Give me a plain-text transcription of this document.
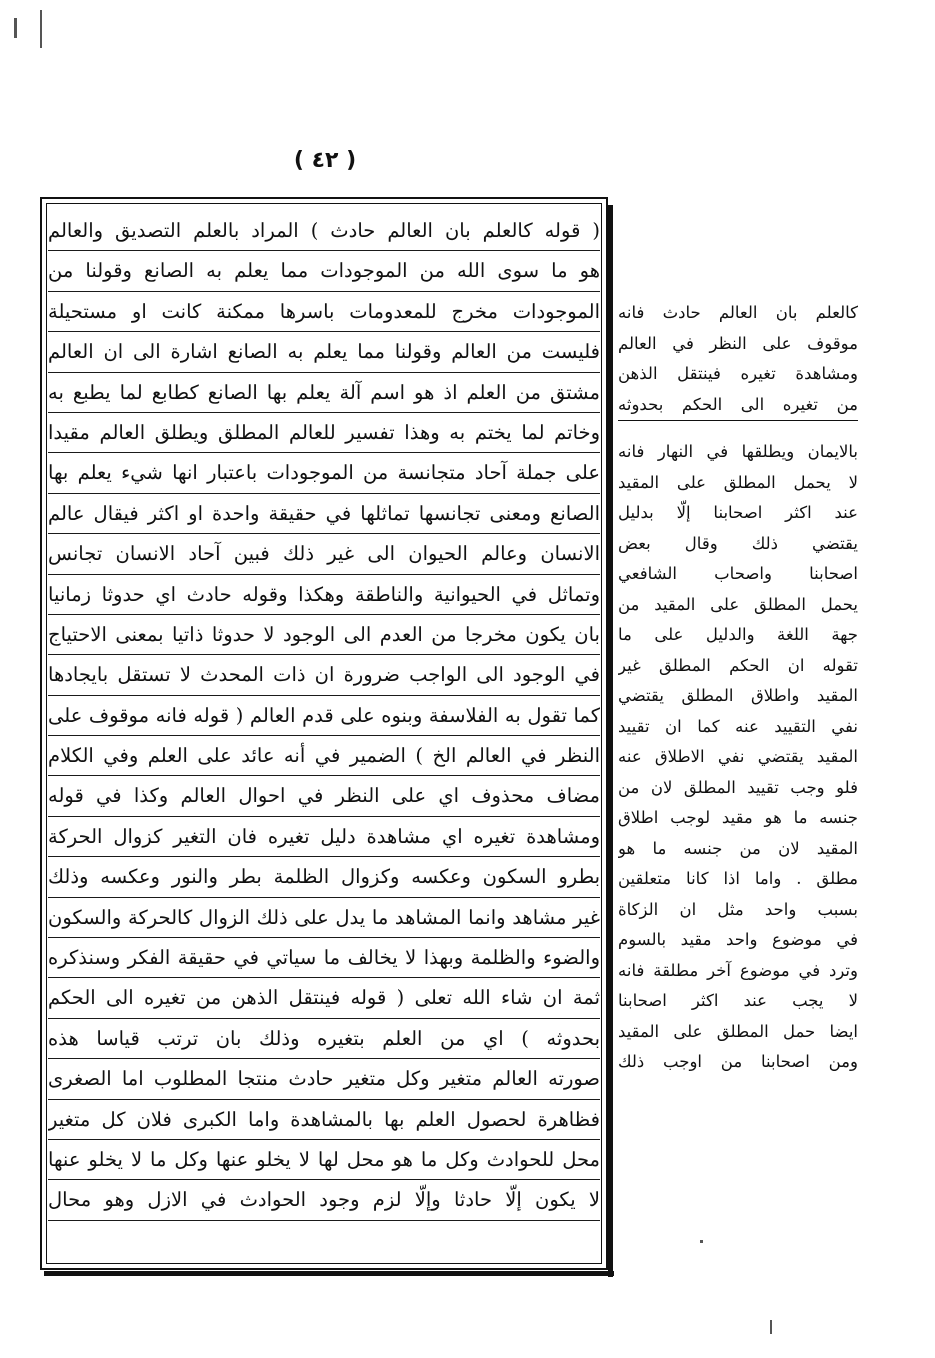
( ٤٢ )
( قوله كالعلم بان العالم حادث ) المراد بالعلم التصديق والعالم
هو ما سوى الله من الموجودات مما يعلم به الصانع وقولنا من
الموجودات مخرج للمعدومات باسرها ممكنة كانت او مستحيلة
فليست من العالم وقولنا مما يعلم به الصانع اشارة الى ان العالم
مشتق من العلم اذ هو اسم آلة يعلم بها الصانع كطابع لما يطبع به
وخاتم لما يختم به وهذا تفسير للعالم المطلق ويطلق العالم مقيدا
على جملة آحاد متجانسة من الموجودات باعتبار انها شيء يعلم بها
الصانع ومعنى تجانسها تماثلها في حقيقة واحدة او اكثر فيقال عالم
الانسان وعالم الحيوان الى غير ذلك فبين آحاد الانسان تجانس
وتماثل في الحيوانية والناطقة وهكذا وقوله حادث اي حدوثا زمانيا
بان يكون مخرجا من العدم الى الوجود لا حدوثا ذاتيا بمعنى الاحتياج
في الوجود الى الواجب ضرورة ان ذات المحدث لا تستقل بايجادها
كما تقول به الفلاسفة وبنوه على قدم العالم ( قوله فانه موقوف على
النظر في العالم الخ ) الضمير في أنه عائد على العلم وفي الكلام
مضاف محذوف اي على النظر في احوال العالم وكذا في قوله
ومشاهدة تغيره اي مشاهدة دليل تغيره فان التغير كزوال الحركة
بطرو السكون وعكسه وكزوال الظلمة بطر والنور وعكسه وذلك
غير مشاهد وانما المشاهد ما يدل على ذلك الزوال كالحركة والسكون
والضوء والظلمة وبهذا لا يخالف ما سياتي في حقيقة الفكر وسنذكره
ثمة ان شاء الله تعلى ( قوله فينتقل الذهن من تغيره الى الحكم
بحدوثه ) اي من العلم بتغيره وذلك بان ترتب قياسا هذه
صورته العالم متغير وكل متغير حادث منتجا المطلوب اما الصغرى
فظاهرة لحصول العلم بها بالمشاهدة واما الكبرى فلان كل متغير
محل للحوادث وكل ما هو محل لها لا يخلو عنها وكل ما لا يخلو عنها
لا يكون إلّا حادثا وإلّا لزم وجود الحوادث في الازل وهو محال
كالعلم بان العالم حادث فانه
موقوف على النظر في العالم
ومشاهدة تغيره فينتقل الذهن
من تغيره الى الحكم بحدوثه
بالايمان ويطلقها في النهار فانه
لا يحمل المطلق على المقيد
عند اكثر اصحابنا إلّا بدليل
يقتضي ذلك وقال بعض
اصحابنا واصحاب الشافعي
يحمل المطلق على المقيد من
جهة اللغة والدليل على ما
تقوله ان الحكم المطلق غير
المقيد واطلاق المطلق يقتضي
نفي التقييد عنه كما ان تقييد
المقيد يقتضي نفي الاطلاق عنه
فلو وجب تقييد المطلق لان من
جنسه ما هو مقيد لوجب اطلاق
المقيد لان من جنسه ما هو
مطلق . واما اذا كانا متعلقين
بسبب واحد مثل ان الزكاة
في موضوع واحد مقيد بالسوم
وترد في موضوع آخر مطلقة فانه
لا يجب عند اكثر اصحابنا
ايضا حمل المطلق على المقيد
ومن اصحابنا من اوجب ذلك
